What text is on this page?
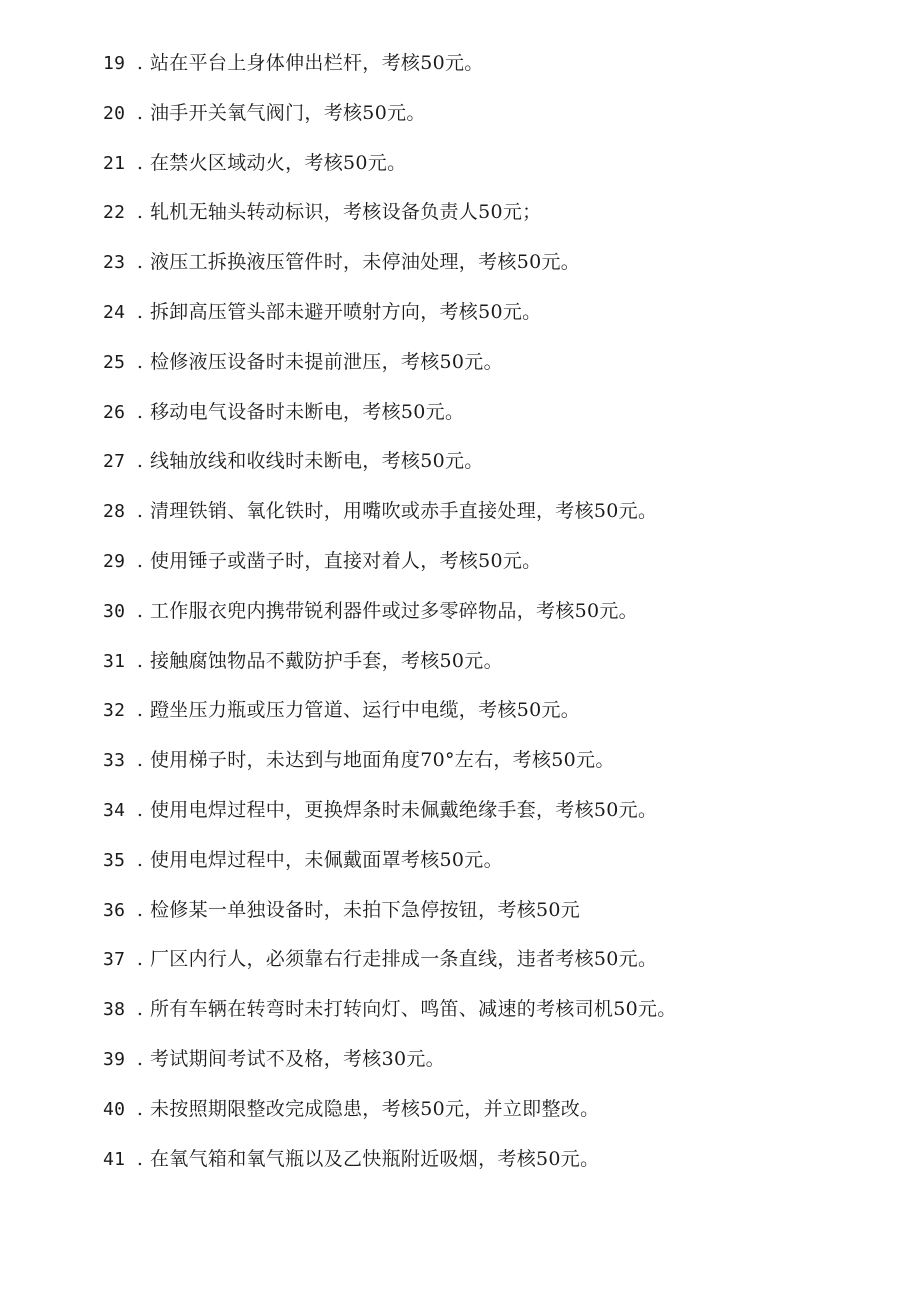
19 . 站在平台上身体伸出栏杆，考核50元。
20 . 油手开关氧气阀门，考核50元。
21 . 在禁火区域动火，考核50元。
22 . 轧机无轴头转动标识，考核设备负责人50元；
23 . 液压工拆换液压管件时，未停油处理，考核50元。
24 . 拆卸高压管头部未避开喷射方向，考核50元。
25 . 检修液压设备时未提前泄压，考核50元。
26 . 移动电气设备时未断电，考核50元。
27 . 线轴放线和收线时未断电，考核50元。
28 . 清理铁销、氧化铁时，用嘴吹或赤手直接处理，考核50元。
29 . 使用锤子或凿子时，直接对着人，考核50元。
30 . 工作服衣兜内携带锐利器件或过多零碎物品，考核50元。
31 . 接触腐蚀物品不戴防护手套，考核50元。
32 . 蹬坐压力瓶或压力管道、运行中电缆，考核50元。
33 . 使用梯子时，未达到与地面角度70°左右，考核50元。
34 . 使用电焊过程中，更换焊条时未佩戴绝缘手套，考核50元。
35 . 使用电焊过程中，未佩戴面罩考核50元。
36 . 检修某一单独设备时，未拍下急停按钮，考核50元
37 . 厂区内行人，必须靠右行走排成一条直线，违者考核50元。
38 . 所有车辆在转弯时未打转向灯、鸣笛、减速的考核司机50元。
39 . 考试期间考试不及格，考核30元。
40 . 未按照期限整改完成隐患，考核50元，并立即整改。
41 . 在氧气箱和氧气瓶以及乙快瓶附近吸烟，考核50元。
